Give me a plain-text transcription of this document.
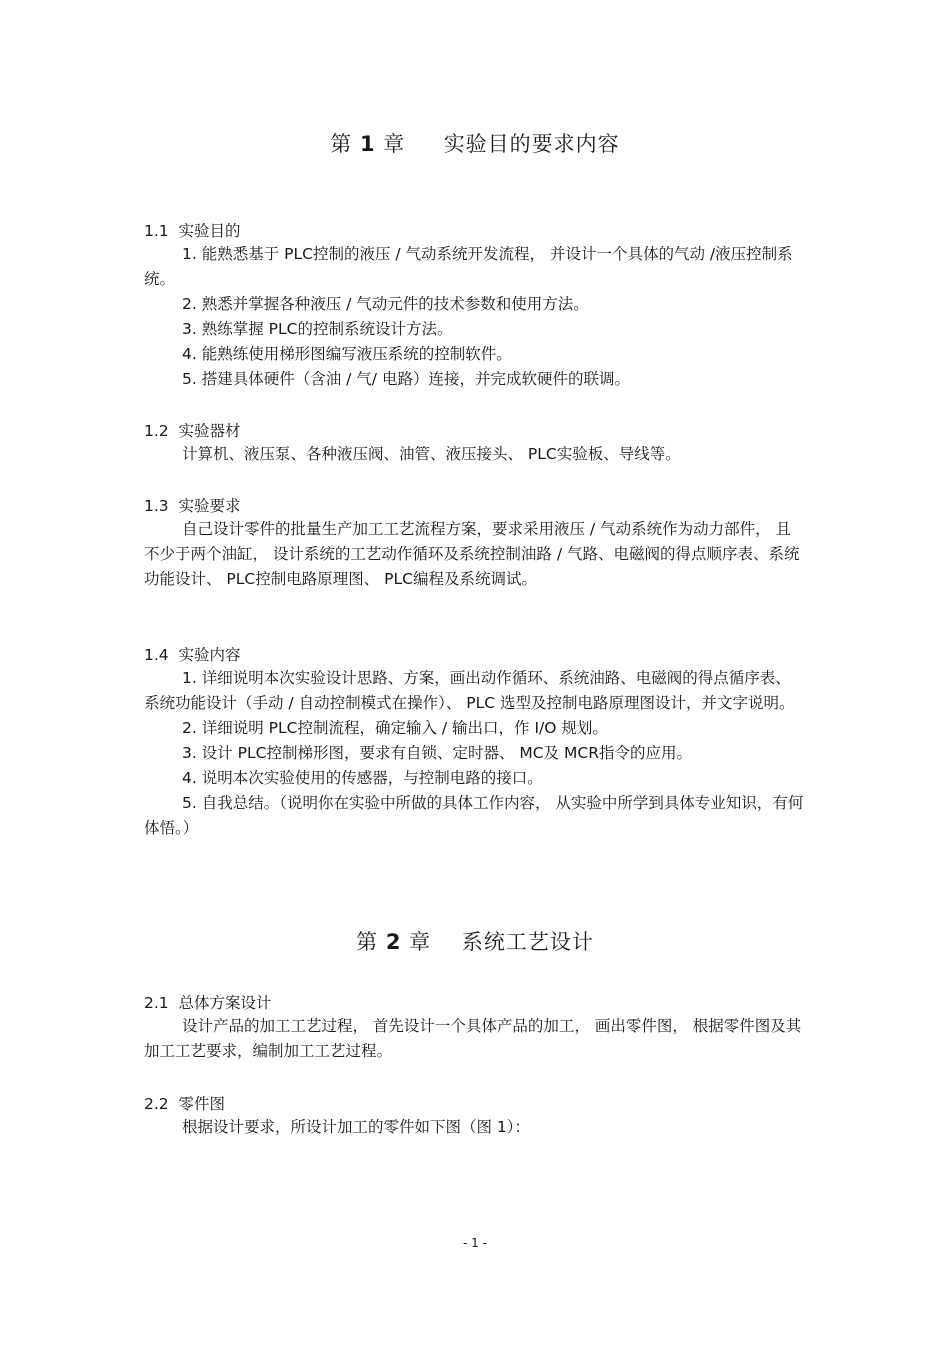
第 1 章 实验目的要求内容
1.1  实验目的

1. 能熟悉基于 PLC控制的液压 / 气动系统开发流程， 并设计一个具体的气动 /液压控制系统。

2. 熟悉并掌握各种液压 / 气动元件的技术参数和使用方法。

3. 熟练掌握 PLC的控制系统设计方法。

4. 能熟练使用梯形图编写液压系统的控制软件。

5. 搭建具体硬件（含油 / 气/ 电路）连接，并完成软硬件的联调。

1.2  实验器材

计算机、液压泵、各种液压阀、油管、液压接头、 PLC实验板、导线等。

1.3  实验要求

自己设计零件的批量生产加工工艺流程方案，要求采用液压 / 气动系统作为动力部件， 且不少于两个油缸， 设计系统的工艺动作循环及系统控制油路 / 气路、电磁阀的得点顺序表、系统功能设计、 PLC控制电路原理图、 PLC编程及系统调试。

1.4  实验内容

1. 详细说明本次实验设计思路、方案，画出动作循环、系统油路、电磁阀的得点循序表、系统功能设计（手动 / 自动控制模式在操作）、 PLC 选型及控制电路原理图设计，并文字说明。

2. 详细说明 PLC控制流程，确定输入 / 输出口，作 I/O 规划。

3. 设计 PLC控制梯形图，要求有自锁、定时器、 MC及 MCR指令的应用。

4. 说明本次实验使用的传感器，与控制电路的接口。

5. 自我总结。（说明你在实验中所做的具体工作内容， 从实验中所学到具体专业知识，有何体悟。）

第 2 章 系统工艺设计
2.1  总体方案设计

设计产品的加工工艺过程， 首先设计一个具体产品的加工， 画出零件图， 根据零件图及其加工工艺要求，编制加工工艺过程。

2.2  零件图

根据设计要求，所设计加工的零件如下图（图 1）：

- 1 -
